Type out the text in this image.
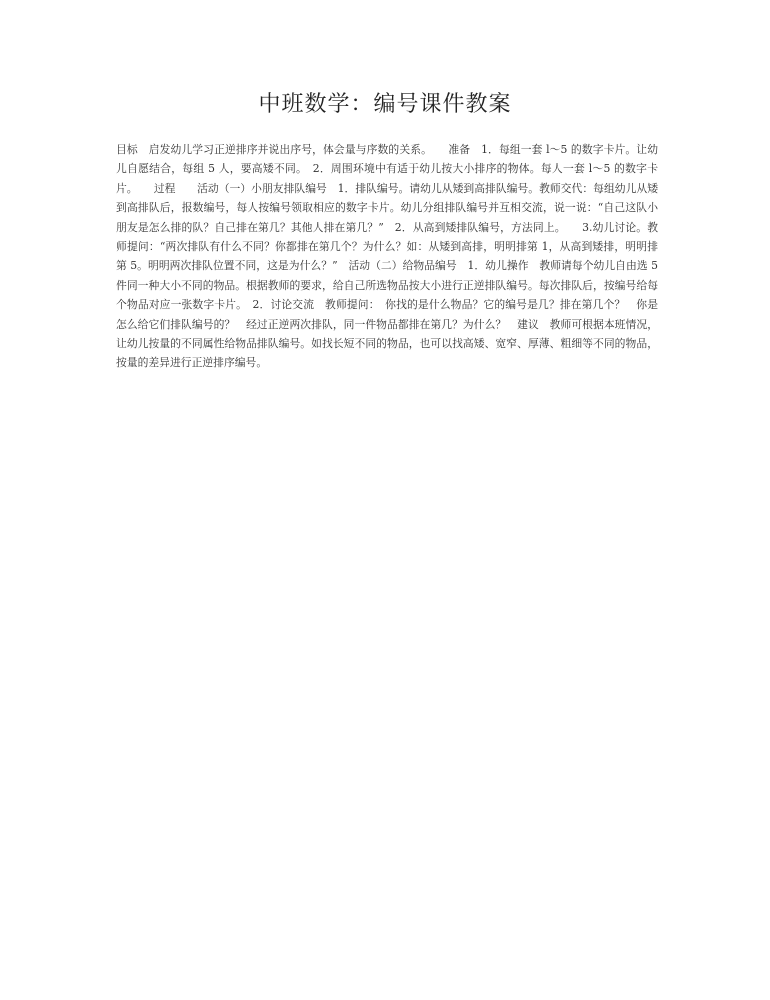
中班数学：编号课件教案

目标　启发幼儿学习正逆排序并说出序号，体会量与序数的关系。　　准备　1．每组一套 l～5 的数字卡片。让幼儿自愿结合，每组 5 人，要高矮不同。　2．周围环境中有适于幼儿按大小排序的物体。每人一套 l～5 的数字卡片。　　过程　　活动（一）小朋友排队编号　1．排队编号。请幼儿从矮到高排队编号。教师交代：每组幼儿从矮到高排队后，报数编号，每人按编号领取相应的数字卡片。幼儿分组排队编号并互相交流，说一说：“自己这队小朋友是怎么排的队？自己排在第几？其他人排在第几？”　2．从高到矮排队编号，方法同上。　　3.幼儿讨论。教师提问：“两次排队有什么不同？你都排在第几个？为什么？如：从矮到高排，明明排第 1，从高到矮排，明明排第 5。明明两次排队位置不同，这是为什么？”　活动（二）给物品编号　1．幼儿操作　教师请每个幼儿自由选 5 件同一种大小不同的物品。根据教师的要求，给自己所选物品按大小进行正逆排队编号。每次排队后，按编号给每个物品对应一张数字卡片。　2．讨论交流　教师提问：　你找的是什么物品？它的编号是几？排在第几个？　你是怎么给它们排队编号的？　经过正逆两次排队，同一件物品都排在第几？为什么？　建议　教师可根据本班情况，让幼儿按量的不同属性给物品排队编号。如找长短不同的物品，也可以找高矮、宽窄、厚薄、粗细等不同的物品，按量的差异进行正逆排序编号。
